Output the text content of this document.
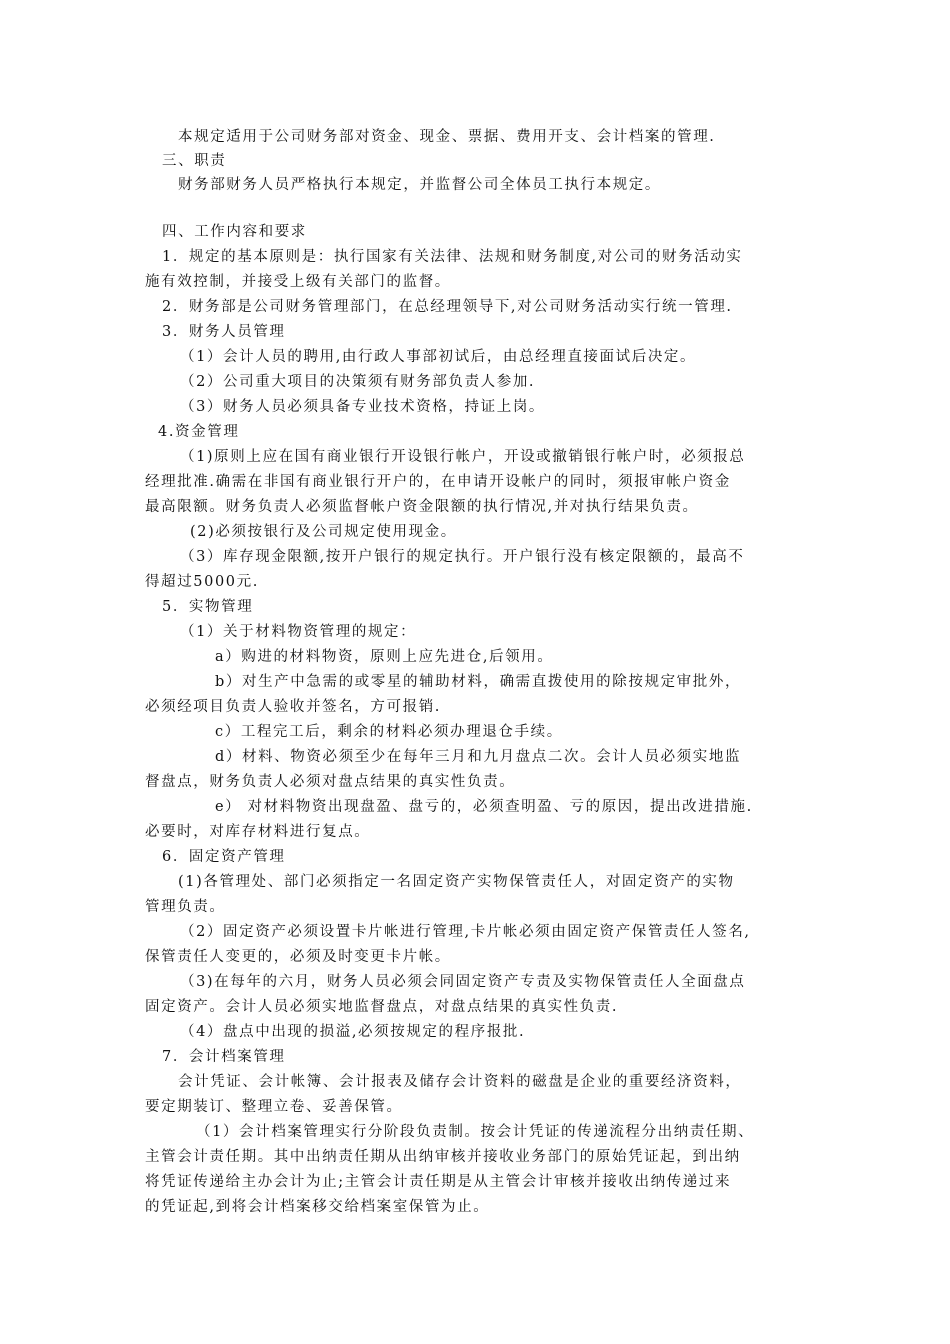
本规定适用于公司财务部对资金、现金、票据、费用开支、会计档案的管理.
三、职责
财务部财务人员严格执行本规定，并监督公司全体员工执行本规定。
四、工作内容和要求
1．规定的基本原则是：执行国家有关法律、法规和财务制度,对公司的财务活动实
施有效控制，并接受上级有关部门的监督。
2．财务部是公司财务管理部门，在总经理领导下,对公司财务活动实行统一管理.
3．财务人员管理
（1）会计人员的聘用,由行政人事部初试后，由总经理直接面试后决定。
（2）公司重大项目的决策须有财务部负责人参加.
（3）财务人员必须具备专业技术资格，持证上岗。
4.资金管理
（1)原则上应在国有商业银行开设银行帐户，开设或撤销银行帐户时，必须报总
经理批准.确需在非国有商业银行开户的，在申请开设帐户的同时，须报审帐户资金
最高限额。财务负责人必须监督帐户资金限额的执行情况,并对执行结果负责。
(2)必须按银行及公司规定使用现金。
（3）库存现金限额,按开户银行的规定执行。开户银行没有核定限额的，最高不
得超过5000元.
5．实物管理
（1）关于材料物资管理的规定：
a）购进的材料物资，原则上应先进仓,后领用。
b）对生产中急需的或零星的辅助材料，确需直拨使用的除按规定审批外，
必须经项目负责人验收并签名，方可报销.
c）工程完工后，剩余的材料必须办理退仓手续。
d）材料、物资必须至少在每年三月和九月盘点二次。会计人员必须实地监
督盘点，财务负责人必须对盘点结果的真实性负责。
e） 对材料物资出现盘盈、盘亏的，必须查明盈、亏的原因，提出改进措施.
必要时，对库存材料进行复点。
6．固定资产管理
(1)各管理处、部门必须指定一名固定资产实物保管责任人，对固定资产的实物
管理负责。
（2）固定资产必须设置卡片帐进行管理,卡片帐必须由固定资产保管责任人签名,
保管责任人变更的，必须及时变更卡片帐。
（3)在每年的六月，财务人员必须会同固定资产专责及实物保管责任人全面盘点
固定资产。会计人员必须实地监督盘点，对盘点结果的真实性负责.
（4）盘点中出现的损溢,必须按规定的程序报批.
7．会计档案管理
会计凭证、会计帐簿、会计报表及储存会计资料的磁盘是企业的重要经济资料，
要定期装订、整理立卷、妥善保管。
（1）会计档案管理实行分阶段负责制。按会计凭证的传递流程分出纳责任期、
主管会计责任期。其中出纳责任期从出纳审核并接收业务部门的原始凭证起，到出纳
将凭证传递给主办会计为止;主管会计责任期是从主管会计审核并接收出纳传递过来
的凭证起,到将会计档案移交给档案室保管为止。
